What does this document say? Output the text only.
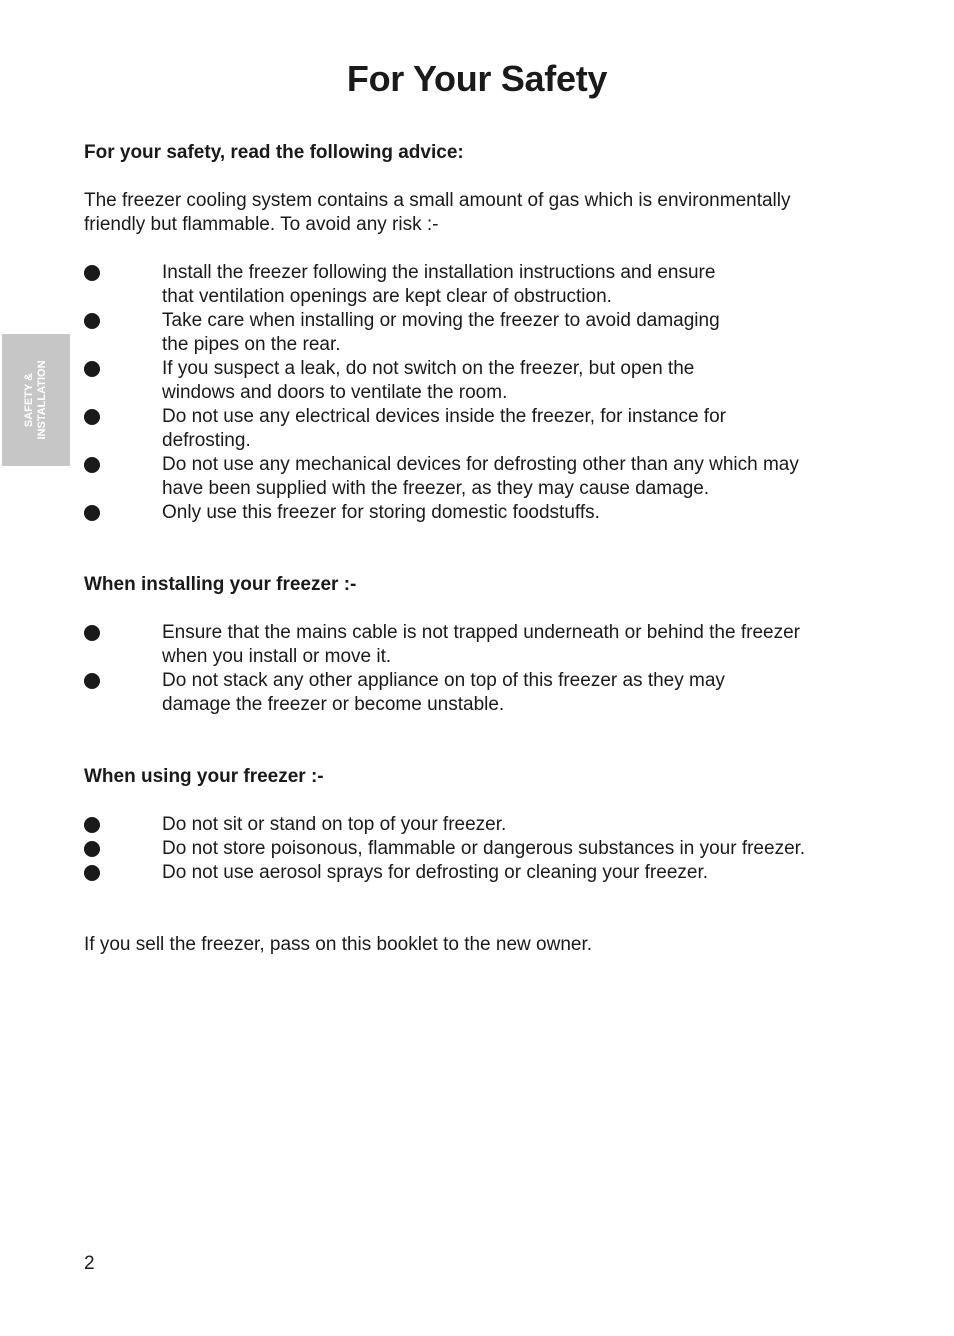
For Your Safety
SAFETY & INSTALLATION

For your safety, read the following advice:

The freezer cooling system contains a small amount of gas which is environmentally
friendly but flammable. To avoid any risk :-

Install the freezer following the installation instructions and ensure
that ventilation openings are kept clear of obstruction.
Take care when installing or moving the freezer to avoid damaging
the pipes on the rear.
If you suspect a leak, do not switch on the freezer, but open the
windows and doors to ventilate the room.
Do not use any electrical devices inside the freezer, for instance for
defrosting.
Do not use any mechanical devices for defrosting other than any which may
have been supplied with the freezer, as they may cause damage.
Only use this freezer for storing domestic foodstuffs.

When installing your freezer :-

Ensure that the mains cable is not trapped underneath or behind the freezer
when you install or move it.
Do not stack any other appliance on top of this freezer as they may
damage the freezer or become unstable.

When using your freezer :-

Do not sit or stand on top of your freezer.
Do not store poisonous, flammable or dangerous substances in your freezer.
Do not use aerosol sprays for defrosting or cleaning your freezer.

If you sell the freezer, pass on this booklet to the new owner.

2
